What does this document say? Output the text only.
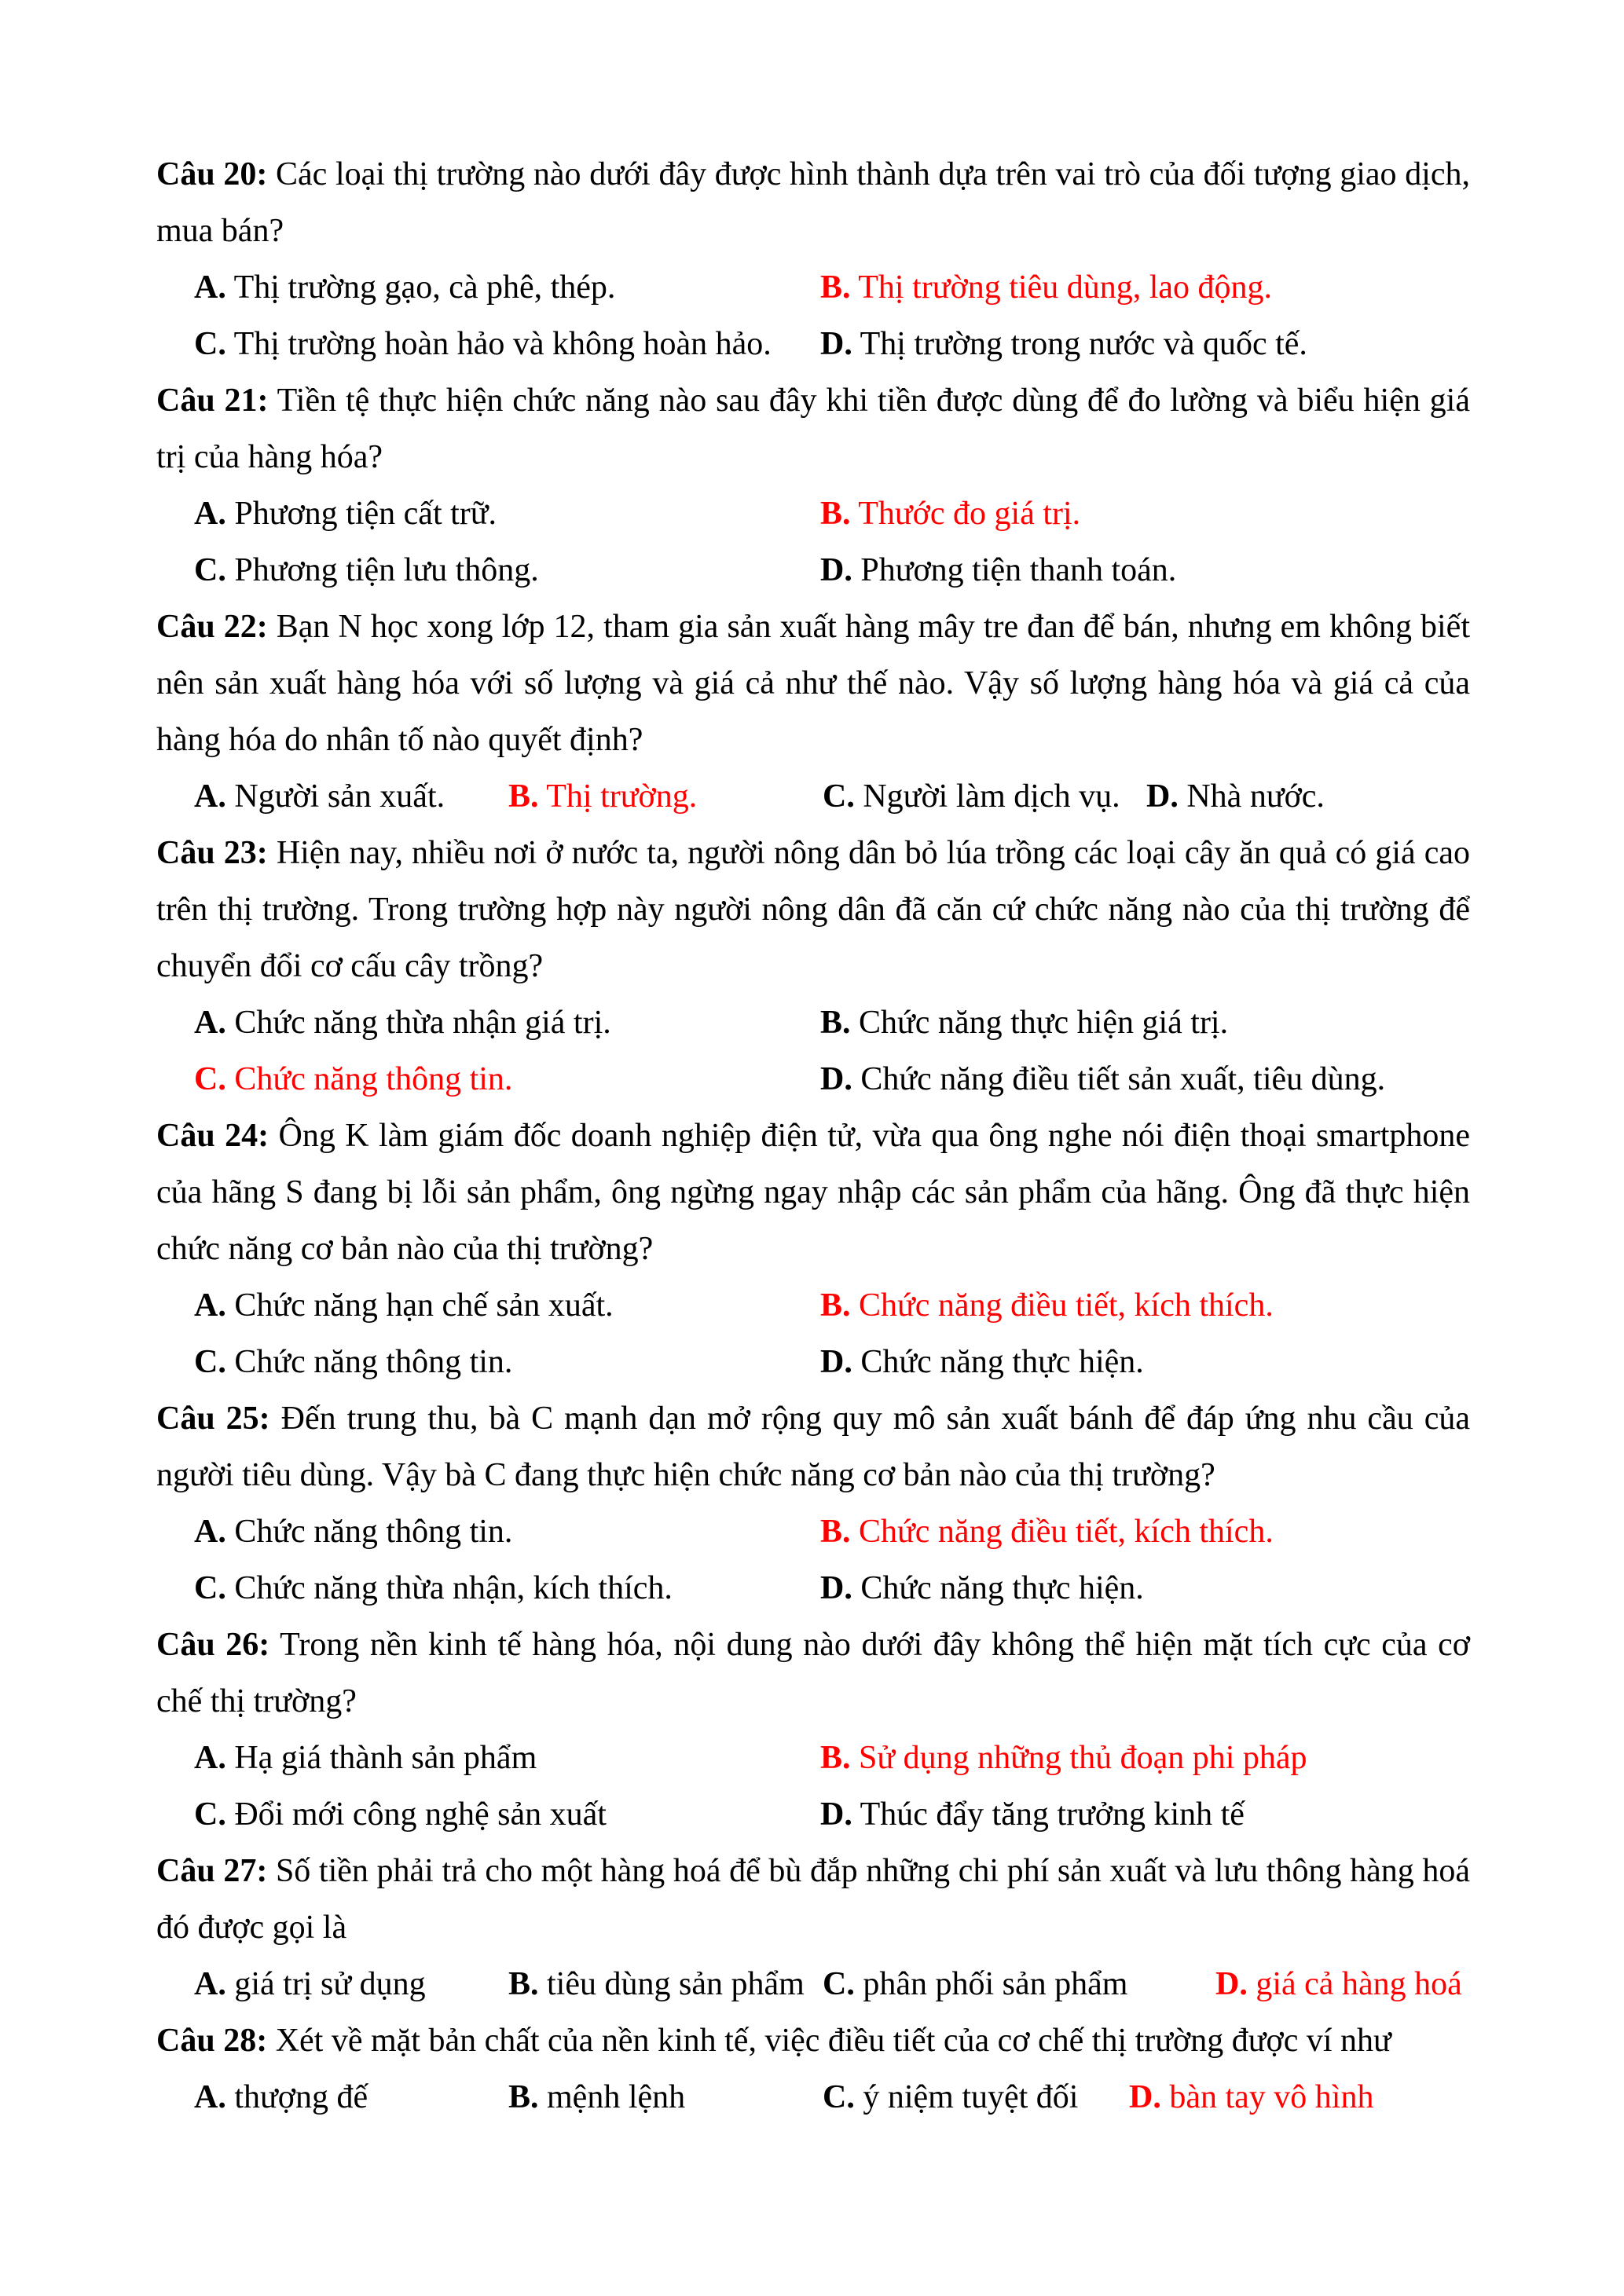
Câu 20: Các loại thị trường nào dưới đây được hình thành dựa trên vai trò của đối tượng giao dịch, mua bán?

A. Thị trường gạo, cà phê, thép.	B. Thị trường tiêu dùng, lao động.
C. Thị trường hoàn hảo và không hoàn hảo. D. Thị trường trong nước và quốc tế.

Câu 21: Tiền tệ thực hiện chức năng nào sau đây khi tiền được dùng để đo lường và biểu hiện giá trị của hàng hóa?

A. Phương tiện cất trữ.	B. Thước đo giá trị.
C. Phương tiện lưu thông.	D. Phương tiện thanh toán.

Câu 22: Bạn N học xong lớp 12, tham gia sản xuất hàng mây tre đan để bán, nhưng em không biết nên sản xuất hàng hóa với số lượng và giá cả như thế nào. Vậy số lượng hàng hóa và giá cả của hàng hóa do nhân tố nào quyết định?

A. Người sản xuất. B. Thị trường.	C. Người làm dịch vụ. D. Nhà nước.

Câu 23: Hiện nay, nhiều nơi ở nước ta, người nông dân bỏ lúa trồng các loại cây ăn quả có giá cao trên thị trường. Trong trường hợp này người nông dân đã căn cứ chức năng nào của thị trường để chuyển đổi cơ cấu cây trồng?

A. Chức năng thừa nhận giá trị.	B. Chức năng thực hiện giá trị.
C. Chức năng thông tin.	D. Chức năng điều tiết sản xuất, tiêu dùng.

Câu 24: Ông K làm giám đốc doanh nghiệp điện tử, vừa qua ông nghe nói điện thoại smartphone của hãng S đang bị lỗi sản phẩm, ông ngừng ngay nhập các sản phẩm của hãng. Ông đã thực hiện chức năng cơ bản nào của thị trường?

A. Chức năng hạn chế sản xuất.	B. Chức năng điều tiết, kích thích.
C. Chức năng thông tin.	D. Chức năng thực hiện.

Câu 25: Đến trung thu, bà C mạnh dạn mở rộng quy mô sản xuất bánh để đáp ứng nhu cầu của người tiêu dùng. Vậy bà C đang thực hiện chức năng cơ bản nào của thị trường?

A. Chức năng thông tin.	B. Chức năng điều tiết, kích thích.
C. Chức năng thừa nhận, kích thích.	D. Chức năng thực hiện.

Câu 26: Trong nền kinh tế hàng hóa, nội dung nào dưới đây không thể hiện mặt tích cực của cơ chế thị trường?

A. Hạ giá thành sản phẩm	B. Sử dụng những thủ đoạn phi pháp
C. Đổi mới công nghệ sản xuất	D. Thúc đẩy tăng trưởng kinh tế

Câu 27: Số tiền phải trả cho một hàng hoá để bù đắp những chi phí sản xuất và lưu thông hàng hoá đó được gọi là

A. giá trị sử dụng	B. tiêu dùng sản phẩm C. phân phối sản phẩm	D. giá cả hàng hoá

Câu 28: Xét về mặt bản chất của nền kinh tế, việc điều tiết của cơ chế thị trường được ví như

A. thượng đế	B. mệnh lệnh	C. ý niệm tuyệt đối D. bàn tay vô hình
